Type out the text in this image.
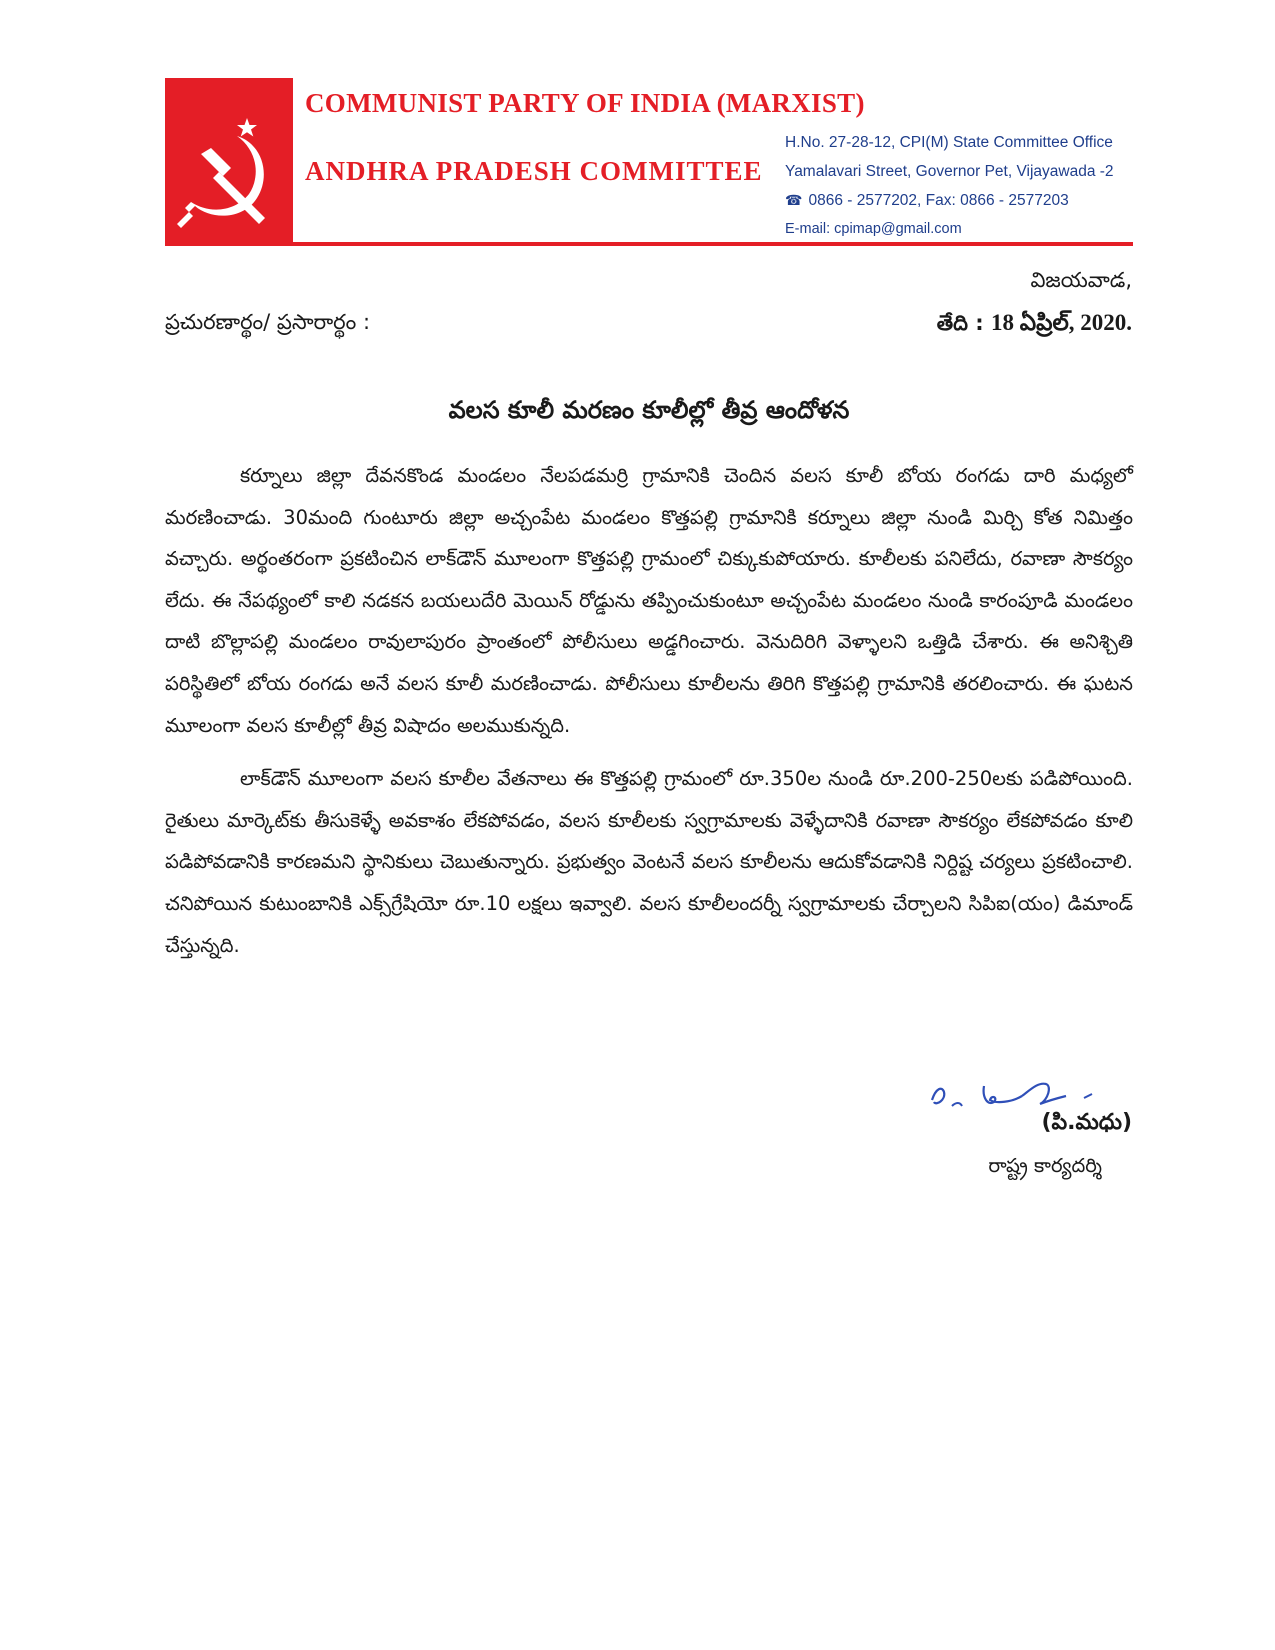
COMMUNIST PARTY OF INDIA (MARXIST)
ANDHRA PRADESH COMMITTEE
H.No. 27-28-12, CPI(M) State Committee Office
Yamalavari Street, Governor Pet, Vijayawada -2
☎ 0866 - 2577202, Fax: 0866 - 2577203
E-mail: cpimap@gmail.com
విజయవాడ,
ప్రచురణార్థం/ ప్రసారార్థం :	తేది : 18 ఏప్రిల్, 2020.
వలస కూలీ మరణం కూలీల్లో తీవ్ర ఆందోళన

కర్నూలు జిల్లా దేవనకొండ మండలం నేలపడమర్రి గ్రామానికి చెందిన వలస కూలీ బోయ రంగడు దారి మధ్యలో మరణించాడు. 30మంది గుంటూరు జిల్లా అచ్చంపేట మండలం కొత్తపల్లి గ్రామానికి కర్నూలు జిల్లా నుండి మిర్చి కోత నిమిత్తం వచ్చారు. అర్థంతరంగా ప్రకటించిన లాక్‌డౌన్ మూలంగా కొత్తపల్లి గ్రామంలో చిక్కుకుపోయారు. కూలీలకు పనిలేదు, రవాణా సౌకర్యం లేదు. ఈ నేపథ్యంలో కాలి నడకన బయలుదేరి మెయిన్ రోడ్డును తప్పించుకుంటూ అచ్చంపేట మండలం నుండి కారంపూడి మండలం దాటి బొల్లాపల్లి మండలం రావులాపురం ప్రాంతంలో పోలీసులు అడ్డగించారు. వెనుదిరిగి వెళ్ళాలని ఒత్తిడి చేశారు. ఈ అనిశ్చితి పరిస్థితిలో బోయ రంగడు అనే వలస కూలీ మరణించాడు. పోలీసులు కూలీలను తిరిగి కొత్తపల్లి గ్రామానికి తరలించారు. ఈ ఘటన మూలంగా వలస కూలీల్లో తీవ్ర విషాదం అలముకున్నది.

లాక్‌డౌన్ మూలంగా వలస కూలీల వేతనాలు ఈ కొత్తపల్లి గ్రామంలో రూ.350ల నుండి రూ.200-250లకు పడిపోయింది. రైతులు మార్కెట్‌కు తీసుకెళ్ళే అవకాశం లేకపోవడం, వలస కూలీలకు స్వగ్రామాలకు వెళ్ళేదానికి రవాణా సౌకర్యం లేకపోవడం కూలి పడిపోవడానికి కారణమని స్థానికులు చెబుతున్నారు. ప్రభుత్వం వెంటనే వలస కూలీలను ఆదుకోవడానికి నిర్దిష్ట చర్యలు ప్రకటించాలి. చనిపోయిన కుటుంబానికి ఎక్స్‌గ్రేషియో రూ.10 లక్షలు ఇవ్వాలి. వలస కూలీలందర్నీ స్వగ్రామాలకు చేర్చాలని సిపిఐ(యం) డిమాండ్ చేస్తున్నది.

(పి.మధు)
రాష్ట్ర కార్యదర్శి
